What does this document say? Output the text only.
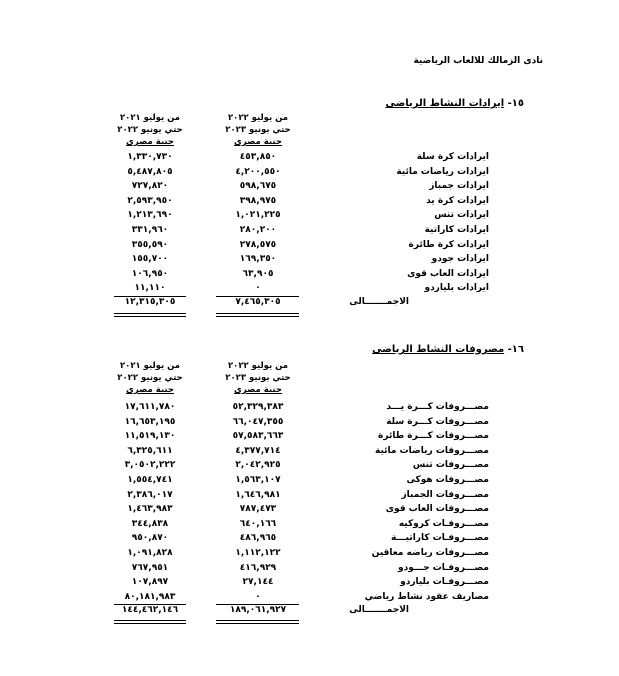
نادى الزمالك للالعاب الرياضية
١٥- ايرادات النشاط الرياضى
من يوليو ٢٠٢٢
حتي يونيو ٢٠٢٣
جنية مصرى
من يوليو ٢٠٢١
حتي يونيو ٢٠٢٢
جنية مصرى
٤٥٣,٨٥٠
٤,٢٠٠,٥٥٠
٥٩٨,٦٧٥
٣٩٨,٩٧٥
١,٠٢١,٢٢٥
٢٨٠,٢٠٠
٢٧٨,٥٧٥
١٦٩,٣٥٠
٦٣,٩٠٥
٠
١,٣٣٠,٧٣٠
٥,٤٨٧,٨٠٥
٧٢٧,٨٢٠
٢,٥٩٣,٩٥٠
١,٢١٣,٦٩٠
٣٣١,٩٦٠
٣٥٥,٥٩٠
١٥٥,٧٠٠
١٠٦,٩٥٠
١١,١١٠
ايرادات كرة سلة
ايرادات رياضات مائية
ايرادات جمباز
ايرادات كرة يد
ايرادات تنس
ايرادات كاراتية
ايرادات كرة طائرة
ايرادات جودو
ايرادات العاب قوى
ايرادات بلياردو
٧,٤٦٥,٣٠٥
١٢,٣١٥,٣٠٥	الاجمـــــــالى
١٦- مصروفات النشاط الرياضى
من يوليو ٢٠٢٢
حتي يونيو ٢٠٢٣
جنية مصرى
من يوليو ٢٠٢١
حتي يونيو ٢٠٢٢
جنية مصرى
٥٢,٣٢٩,٣٨٣
٦٦,٠٤٧,٣٥٥
٥٧,٥٨٣,٦٦٣
٤,٣٧٧,٧١٤
٢,٠٤٢,٩٢٥
١,٥٦٣,١٠٧
١,٦٤٦,٩٨١
٧٨٧,٤٧٣
٦٤٠,١٦٦
٤٨٦,٩٦٥
١,١١٢,١٢٢
٤١٦,٩٢٩
٢٧,١٤٤
٠
١٧,٦١١,٧٨٠
١٦,٦٥٣,١٩٥
١١,٥١٩,١٣٠
٦,٣٢٥,٦١١
٣,٠٥٠٢,٢٢٢
١,٥٥٤,٧٤١
٢,٣٨٦,٠١٧
١,٤٦٣,٩٨٣
٣٤٤,٨٣٨
٩٥٠,٨٧٠
١,٠٩١,٨٢٨
٧٦٧,٩٥١
١٠٧,٨٩٧
٨٠,١٨١,٩٨٣
مصـــروفات كـــرة يـــد
مصـــروفات كـــرة سلة
مصـــروفات كـــرة طائرة
مصـــروفات رياضات مائية
مصـــروفات تنس
مصـــروفات هوكى
مصـــروفات الجمباز
مصـــروفات العاب قوى
مصـــروفـات كروكيه
مصـــروفـات كاراتيـــة
مصـــروفات رياضه معاقين
مصـــروفـات جـــودو
مصـــروفـات بلياردو
مصاريف عقود نشاط رياضي
١٨٩,٠٦١,٩٢٧
١٤٤,٤٦٢,١٤٦	الاجمـــــــالى
